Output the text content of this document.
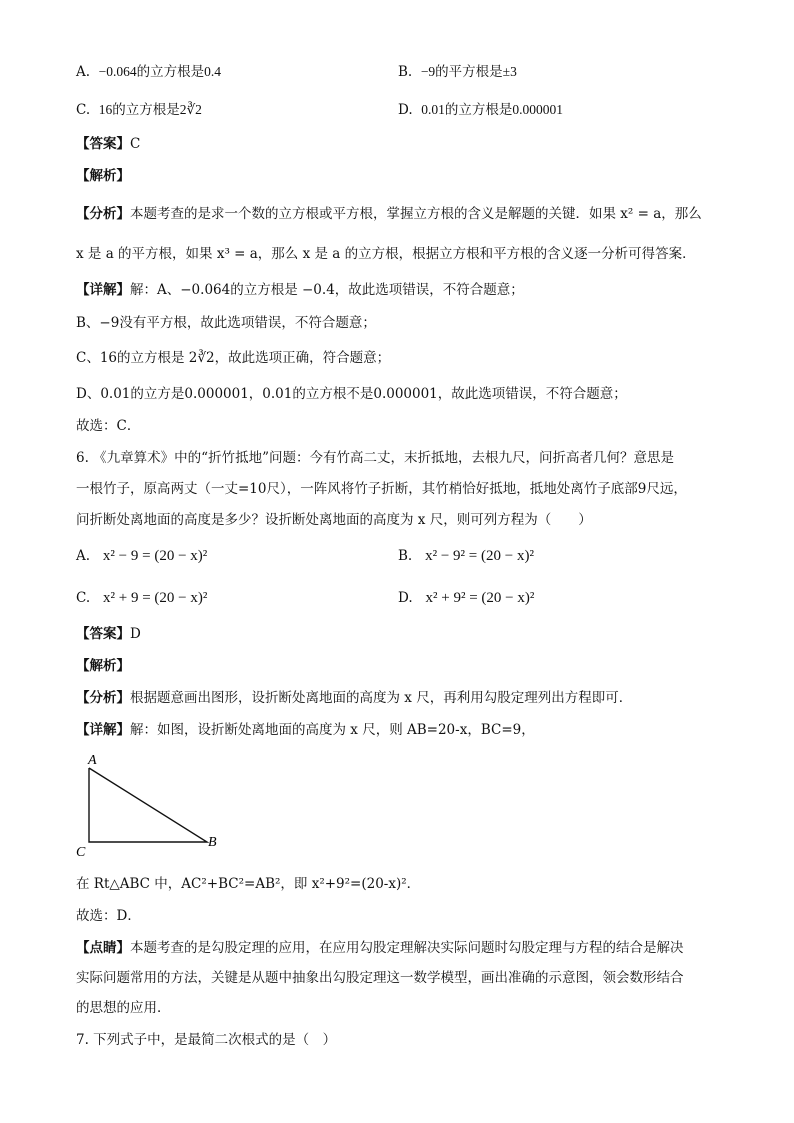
A. −0.064的立方根是0.4	B. −9的平方根是±3
C. 16的立方根是2∛2	D. 0.01的立方根是0.000001
【答案】C
【解析】
【分析】本题考查的是求一个数的立方根或平方根，掌握立方根的含义是解题的关键．如果 x² = a，那么
x 是 a 的平方根，如果 x³ = a，那么 x 是 a 的立方根，根据立方根和平方根的含义逐一分析可得答案．
【详解】解：A、−0.064的立方根是 −0.4，故此选项错误，不符合题意；
B、−9没有平方根，故此选项错误，不符合题意；
C、16的立方根是 2∛2，故此选项正确，符合题意；
D、0.01的立方是0.000001，0.01的立方根不是0.000001，故此选项错误，不符合题意；
故选：C．
6. 《九章算术》中的“折竹抵地”问题：今有竹高二丈，末折抵地，去根九尺，问折高者几何？意思是
一根竹子，原高两丈（一丈=10尺），一阵风将竹子折断，其竹梢恰好抵地，抵地处离竹子底部9尺远，
问折断处离地面的高度是多少？设折断处离地面的高度为 x 尺，则可列方程为（　　）
A. x² − 9 = (20 − x)²	B. x² − 9² = (20 − x)²
C. x² + 9 = (20 − x)²	D. x² + 9² = (20 − x)²
【答案】D
【解析】
【分析】根据题意画出图形，设折断处离地面的高度为 x 尺，再利用勾股定理列出方程即可．
【详解】解：如图，设折断处离地面的高度为 x 尺，则 AB=20-x，BC=9，
A
C
B
在 Rt△ABC 中，AC²+BC²=AB²，即 x²+9²=(20-x)²．
故选：D．
【点睛】本题考查的是勾股定理的应用，在应用勾股定理解决实际问题时勾股定理与方程的结合是解决
实际问题常用的方法，关键是从题中抽象出勾股定理这一数学模型，画出准确的示意图，领会数形结合
的思想的应用．
7. 下列式子中，是最简二次根式的是（　）
